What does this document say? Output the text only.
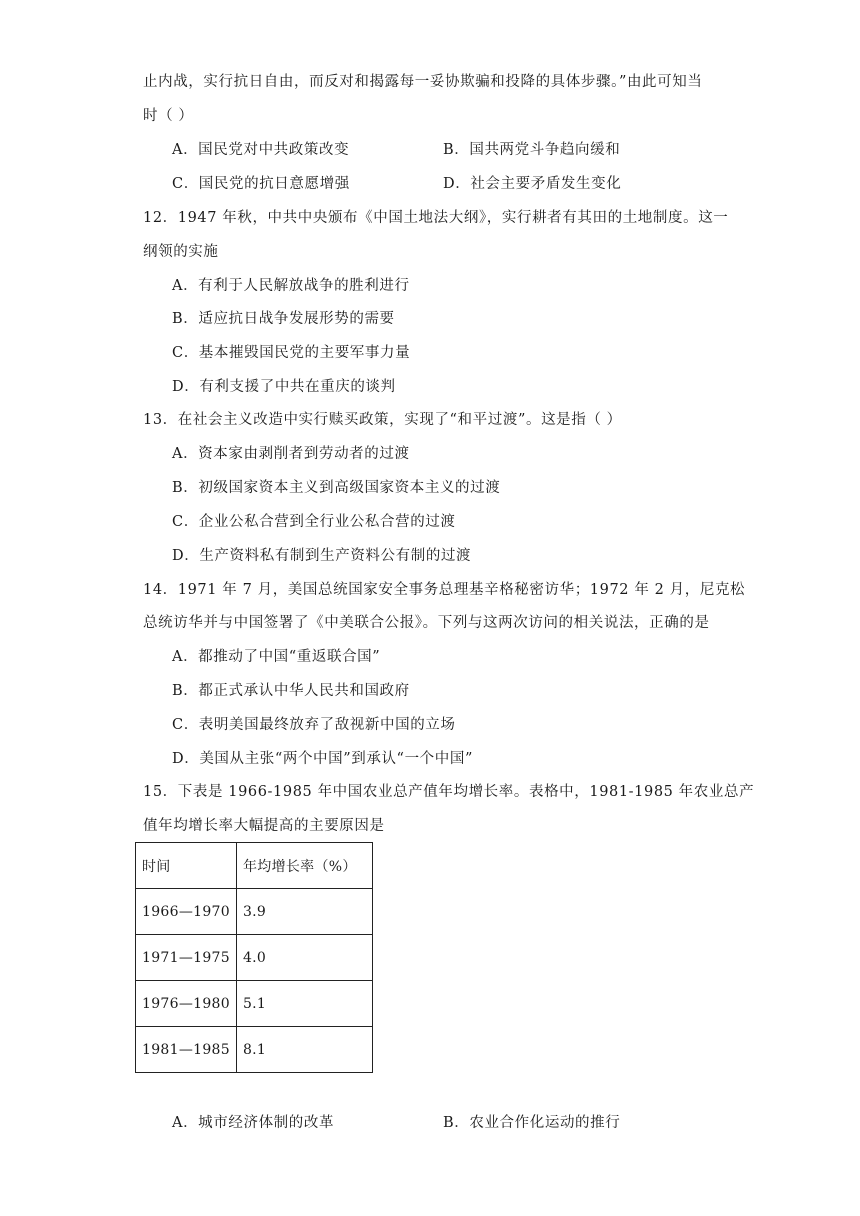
止内战，实行抗日自由，而反对和揭露每一妥协欺骗和投降的具体步骤。”由此可知当
时（ ）
A．国民党对中共政策改变	B．国共两党斗争趋向缓和
C．国民党的抗日意愿增强	D．社会主要矛盾发生变化
12．1947 年秋，中共中央颁布《中国土地法大纲》，实行耕者有其田的土地制度。这一
纲领的实施
A．有利于人民解放战争的胜利进行
B．适应抗日战争发展形势的需要
C．基本摧毁国民党的主要军事力量
D．有利支援了中共在重庆的谈判
13．在社会主义改造中实行赎买政策，实现了“和平过渡”。这是指（ ）
A．资本家由剥削者到劳动者的过渡
B．初级国家资本主义到高级国家资本主义的过渡
C．企业公私合营到全行业公私合营的过渡
D．生产资料私有制到生产资料公有制的过渡
14．1971 年 7 月，美国总统国家安全事务总理基辛格秘密访华；1972 年 2 月，尼克松
总统访华并与中国签署了《中美联合公报》。下列与这两次访问的相关说法，正确的是
A．都推动了中国“重返联合国”
B．都正式承认中华人民共和国政府
C．表明美国最终放弃了敌视新中国的立场
D．美国从主张“两个中国”到承认“一个中国”
15．下表是 1966-1985 年中国农业总产值年均增长率。表格中，1981-1985 年农业总产
值年均增长率大幅提高的主要原因是
时间	年均增长率（%）
1966—1970	3.9
1971—1975	4.0
1976—1980	5.1
1981—1985	8.1
A．城市经济体制的改革	B．农业合作化运动的推行
